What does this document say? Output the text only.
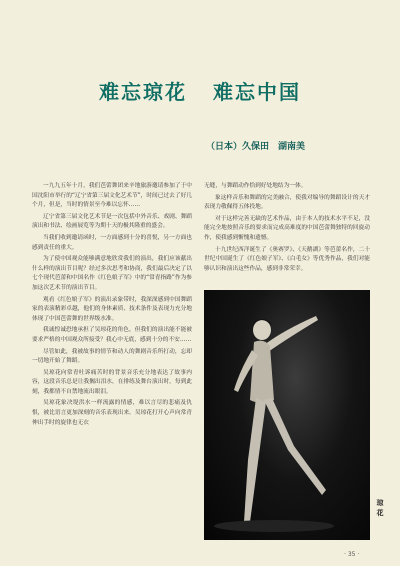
难忘琼花 难忘中国
（日本）久保田　湖南美

一九九五年十月，我们芭蕾舞团来辛地旅游邀请参加了于中国沈阳市举行的“辽宁省第三届文化艺术节”，时间已过去了好几个月，但是，当时的情景至今难以忘怀……

辽宁省第三届文化艺术节是一次包括中外音乐、戏剧、舞蹈演出和书法、绘画展览等为期十天的极其隆重的盛会。

当我们收到邀请函时，一方面感到十分的喜悦，另一方面也感到责任的重大。

为了使中国观众能够满意地欣赏我们的演出，我们应该献出什么样的演出节目呢？经过多次思考和协商，我们最后决定了以七个现代芭蕾和中国名作《红色娘子军》中的“常青指路”作为参加这次艺术节的演出节目。

观看《红色娘子军》的演出录象带时，我深深感到中国舞蹈家的表演精彩卓越，他们的身体素质、技术条件及表现力充分地体现了中国芭蕾舞的世界级水准。

我诚惶诚恐地承担了吴琼花的角色，但我们的演出能不能被要求严格的中国观众所接受？我心中无底，感到十分的不安……

尽管如此，我被故事的情节和动人的舞剧音乐所打动，忘却一切地开始了舞蹈。

吴琼花向常青吐诉痛苦时的背景音乐充分地表达了故事内容，这段音乐总是让我搁出泪水，在排练及舞台演出时，每到此刻，我都情不自禁地流出眼泪。

吴琼花象决堤洪水一样流露的情感，难以言尽的悲痛及仇恨，被比语言更加深刻的音乐表现出来。吴琼花打开心声向常青伸出手时的旋律也无衣

无缝，与舞蹈动作恰到好处地结为一体。

象这样音乐和舞蹈的完美融合，使我对编导的舞蹈设计的天才表现力敬佩得五体投地。

对于这样完善无缺的艺术作品，由于本人的技术水平不足，没能完全地按照音乐的要求而完成高难度的中国芭蕾舞独特的回旋动作，使我感到惭愧和遗憾。

十九世纪西洋诞生了《奥赛罗》、《天鹅湖》等芭蕾名作，二十世纪中国诞生了《红色娘子军》、《白毛女》等优秀作品，我们对能够认识和演出这些作品，感到非常荣幸。

琼花
· 35 ·
